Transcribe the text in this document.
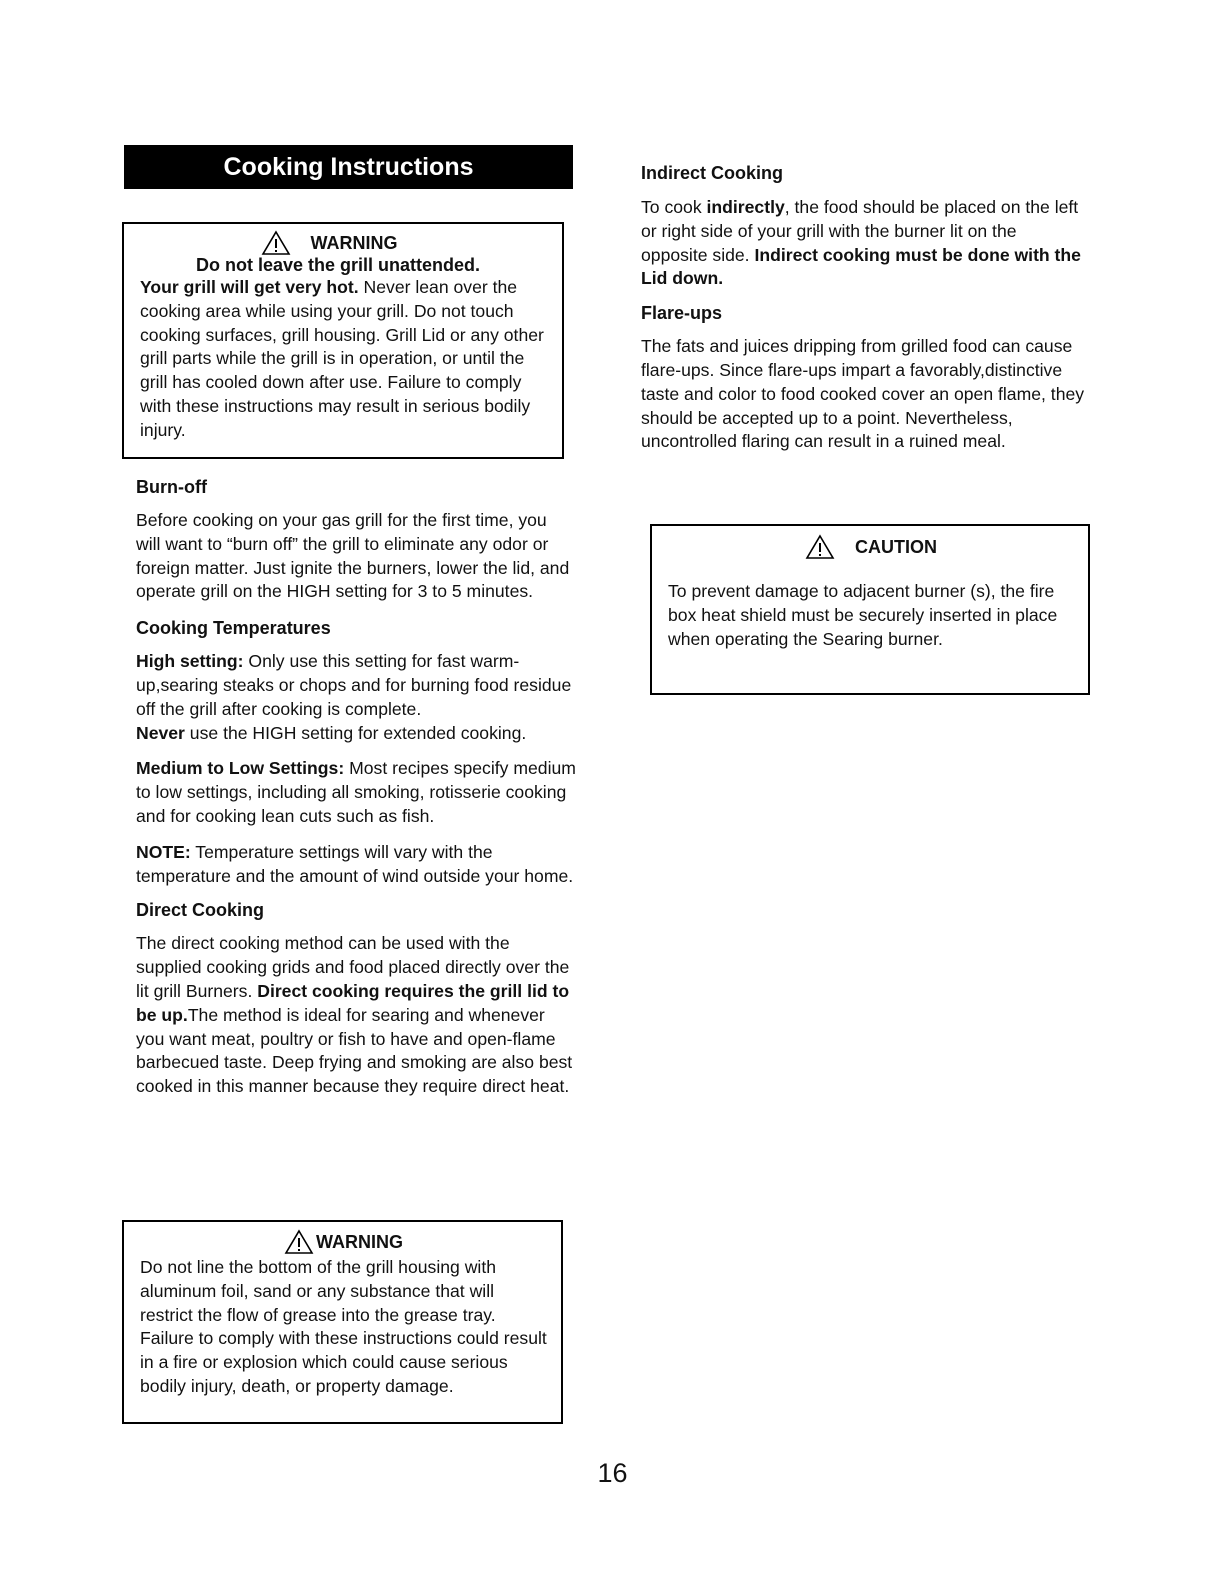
Cooking Instructions
WARNING
Do not leave the grill unattended.
Your grill will get very hot. Never lean over the cooking area while using your grill. Do not touch cooking surfaces, grill housing. Grill Lid or any other grill parts while the grill is in operation, or until the grill has cooled down after use. Failure to comply with these instructions may result in serious bodily injury.
Burn-off
Before cooking on your gas grill for the first time, you will want to “burn off” the grill to eliminate any odor or foreign matter. Just ignite the burners, lower the lid, and operate grill on the HIGH setting for 3 to 5 minutes.
Cooking Temperatures
High setting: Only use this setting for fast warm-up,searing steaks or chops and for burning food residue off the grill after cooking is complete.
Never use the HIGH setting for extended cooking.
Medium to Low Settings: Most recipes specify medium to low settings, including all smoking, rotisserie cooking and for cooking lean cuts such as fish.
NOTE: Temperature settings will vary with the temperature and the amount of wind outside your home.
Direct Cooking
The direct cooking method can be used with the supplied cooking grids and food placed directly over the lit grill Burners. Direct cooking requires the grill lid to be up.The method is ideal for searing and whenever you want meat, poultry or fish to have and open-flame barbecued taste. Deep frying and smoking are also best cooked in this manner because they require direct heat.
WARNING
Do not line the bottom of the grill housing with aluminum foil, sand or any substance that will restrict the flow of grease into the grease tray. Failure to comply with these instructions could result in a fire or explosion which could cause serious bodily injury, death, or property damage.
Indirect Cooking
To cook indirectly, the food should be placed on the left or right side of your grill with the burner lit on the opposite side. Indirect cooking must be done with the Lid down.
Flare-ups
The fats and juices dripping from grilled food can cause flare-ups. Since flare-ups impart a favorably,distinctive taste and color to food cooked cover an open flame, they should be accepted up to a point. Nevertheless, uncontrolled flaring can result in a ruined meal.
CAUTION
To prevent damage to adjacent burner (s), the fire box heat shield must be securely inserted in place when operating the Searing burner.
16
